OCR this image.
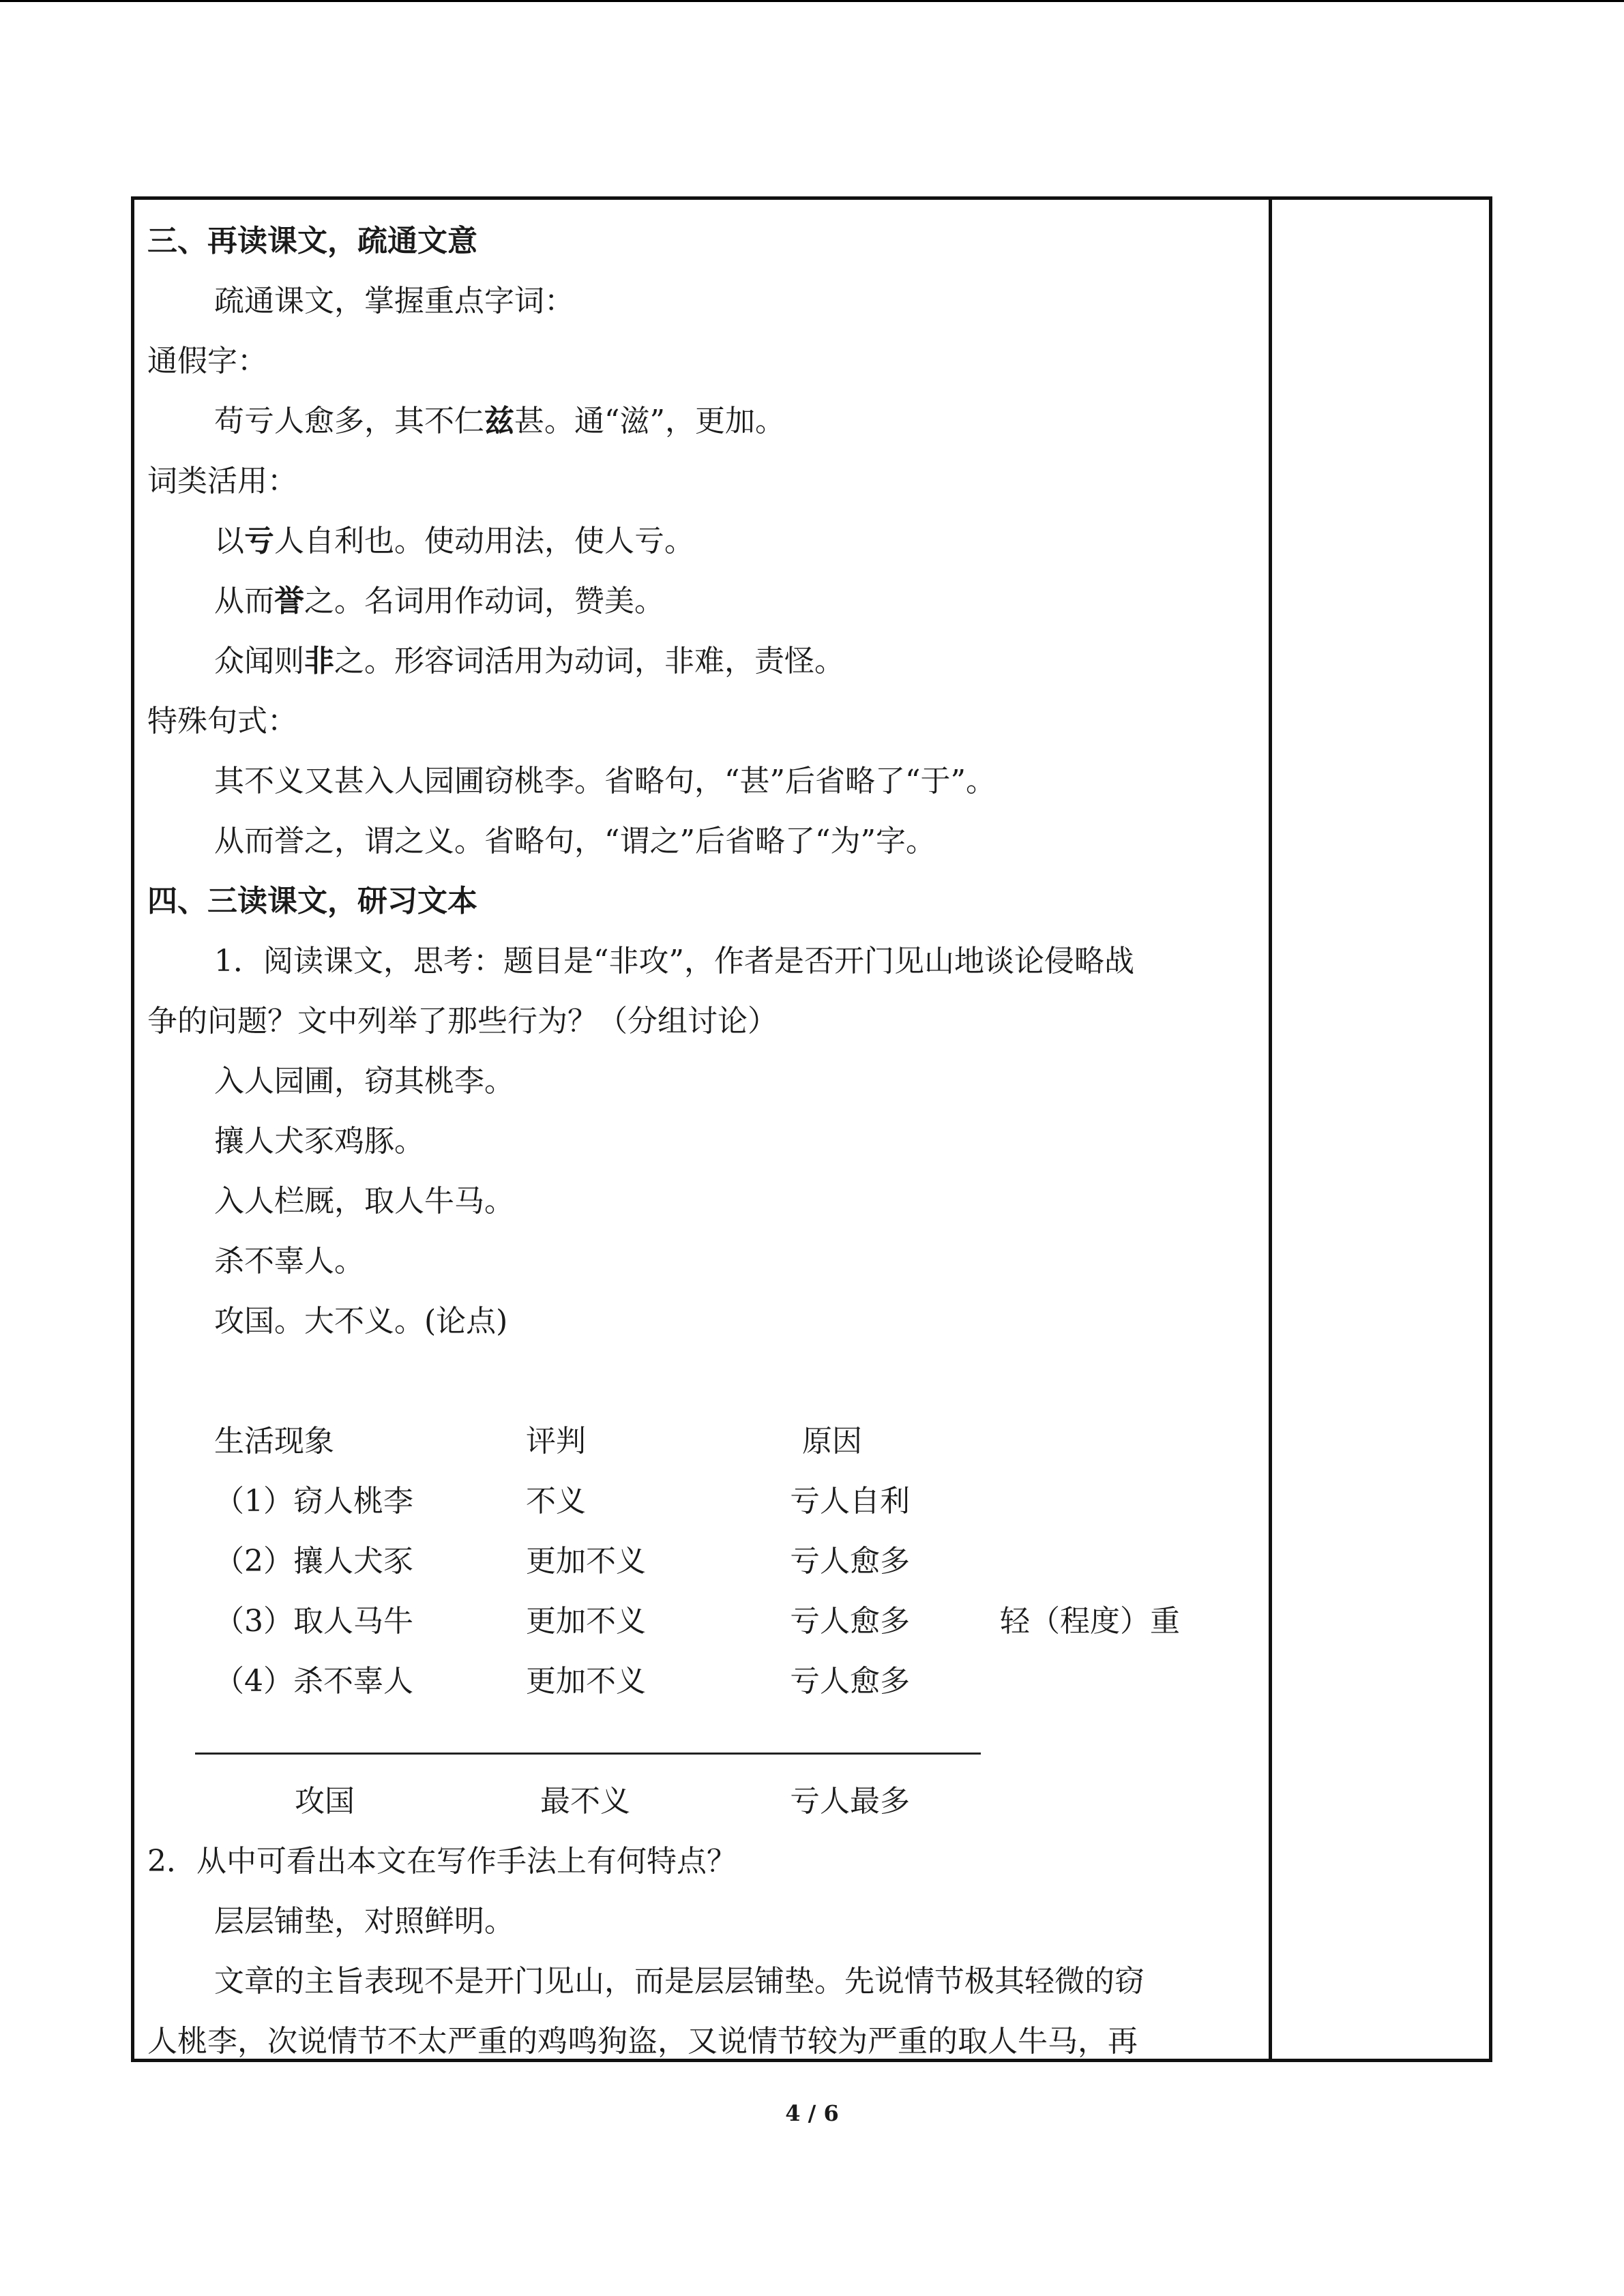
三、再读课文，疏通文意
疏通课文，掌握重点字词：
通假字：
苟亏人愈多，其不仁兹甚。通“滋”，更加。
词类活用：
以亏人自利也。使动用法，使人亏。
从而誉之。名词用作动词，赞美。
众闻则非之。形容词活用为动词，非难，责怪。
特殊句式：
其不义又甚入人园圃窃桃李。省略句，“甚”后省略了“于”。
从而誉之，谓之义。省略句，“谓之”后省略了“为”字。
四、三读课文，研习文本
1．阅读课文，思考：题目是“非攻”，作者是否开门见山地谈论侵略战
争的问题？文中列举了那些行为？（分组讨论）
入人园圃，窃其桃李。
攘人犬豕鸡豚。
入人栏厩，取人牛马。
杀不辜人。
攻国。大不义。(论点)
生活现象	评判	原因
（1）窃人桃李	不义	亏人自利
（2）攘人犬豕	更加不义	亏人愈多
（3）取人马牛	更加不义	亏人愈多	轻（程度）重
（4）杀不辜人	更加不义	亏人愈多
攻国	最不义	亏人最多
2．从中可看出本文在写作手法上有何特点？
层层铺垫，对照鲜明。
文章的主旨表现不是开门见山，而是层层铺垫。先说情节极其轻微的窃
人桃李，次说情节不太严重的鸡鸣狗盗，又说情节较为严重的取人牛马，再
4 / 6
